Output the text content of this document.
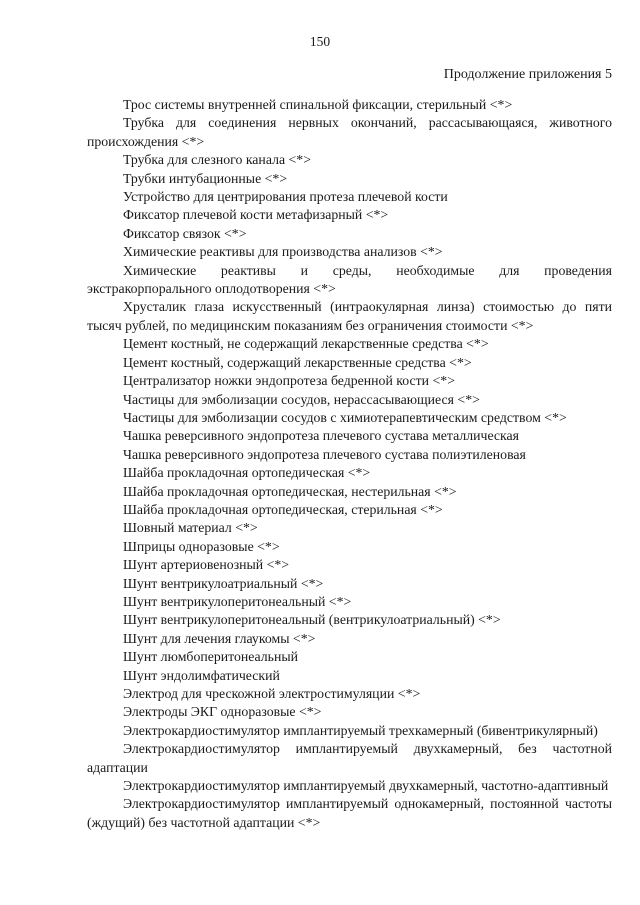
150
Продолжение приложения 5
Трос системы внутренней спинальной фиксации, стерильный <*>
Трубка для соединения нервных окончаний, рассасывающаяся, животного происхождения <*>
Трубка для слезного канала <*>
Трубки интубационные <*>
Устройство для центрирования протеза плечевой кости
Фиксатор плечевой кости метафизарный <*>
Фиксатор связок <*>
Химические реактивы для производства анализов <*>
Химические реактивы и среды, необходимые для проведения экстракорпорального оплодотворения <*>
Хрусталик глаза искусственный (интраокулярная линза) стоимостью до пяти тысяч рублей, по медицинским показаниям без ограничения стоимости <*>
Цемент костный, не содержащий лекарственные средства <*>
Цемент костный, содержащий лекарственные средства <*>
Централизатор ножки эндопротеза бедренной кости <*>
Частицы для эмболизации сосудов, нерассасывающиеся <*>
Частицы для эмболизации сосудов с химиотерапевтическим средством <*>
Чашка реверсивного эндопротеза плечевого сустава металлическая
Чашка реверсивного эндопротеза плечевого сустава полиэтиленовая
Шайба прокладочная ортопедическая <*>
Шайба прокладочная ортопедическая, нестерильная <*>
Шайба прокладочная ортопедическая, стерильная <*>
Шовный материал <*>
Шприцы одноразовые <*>
Шунт артериовенозный <*>
Шунт вентрикулоатриальный <*>
Шунт вентрикулоперитонеальный <*>
Шунт вентрикулоперитонеальный (вентрикулоатриальный) <*>
Шунт для лечения глаукомы <*>
Шунт люмбоперитонеальный
Шунт эндолимфатический
Электрод для чрескожной электростимуляции <*>
Электроды ЭКГ одноразовые <*>
Электрокардиостимулятор имплантируемый трехкамерный (бивентрикулярный)
Электрокардиостимулятор имплантируемый двухкамерный, без частотной адаптации
Электрокардиостимулятор имплантируемый двухкамерный, частотно-адаптивный
Электрокардиостимулятор имплантируемый однокамерный, постоянной частоты (ждущий) без частотной адаптации <*>
